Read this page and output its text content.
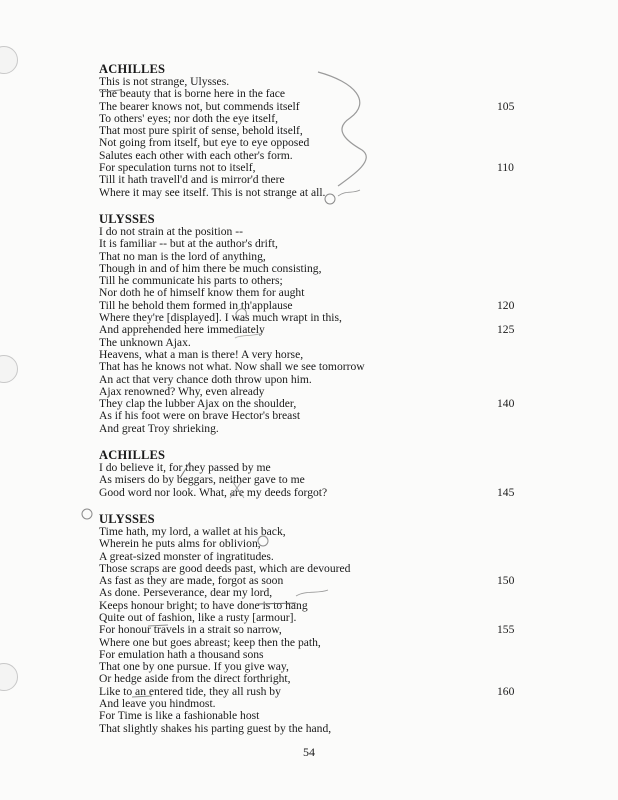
ACHILLES
This is not strange, Ulysses.
The beauty that is borne here in the face
The bearer knows not, but commends itself	105
To others' eyes; nor doth the eye itself,
That most pure spirit of sense, behold itself,
Not going from itself, but eye to eye opposed
Salutes each other with each other's form.
For speculation turns not to itself,	110
Till it hath travell'd and is mirror'd there
Where it may see itself. This is not strange at all.
ULYSSES
I do not strain at the position --
It is familiar -- but at the author's drift,
That no man is the lord of anything,
Though in and of him there be much consisting,
Till he communicate his parts to others;
Nor doth he of himself know them for aught
Till he behold them formed in th'applause	120
Where they're [displayed]. I was much wrapt in this,
And apprehended here immediately	125
The unknown Ajax.
Heavens, what a man is there! A very horse,
That has he knows not what. Now shall we see tomorrow
An act that very chance doth throw upon him.
Ajax renowned? Why, even already
They clap the lubber Ajax on the shoulder,	140
As if his foot were on brave Hector's breast
And great Troy shrieking.
ACHILLES
I do believe it, for they passed by me
As misers do by beggars, neither gave to me
Good word nor look. What, are my deeds forgot?	145
ULYSSES
Time hath, my lord, a wallet at his back,
Wherein he puts alms for oblivion,
A great-sized monster of ingratitudes.
Those scraps are good deeds past, which are devoured
As fast as they are made, forgot as soon	150
As done. Perseverance, dear my lord,
Keeps honour bright; to have done is to hang
Quite out of fashion, like a rusty [armour].
For honour travels in a strait so narrow,	155
Where one but goes abreast; keep then the path,
For emulation hath a thousand sons
That one by one pursue. If you give way,
Or hedge aside from the direct forthright,
Like to an entered tide, they all rush by	160
And leave you hindmost.
For Time is like a fashionable host
That slightly shakes his parting guest by the hand,
54
